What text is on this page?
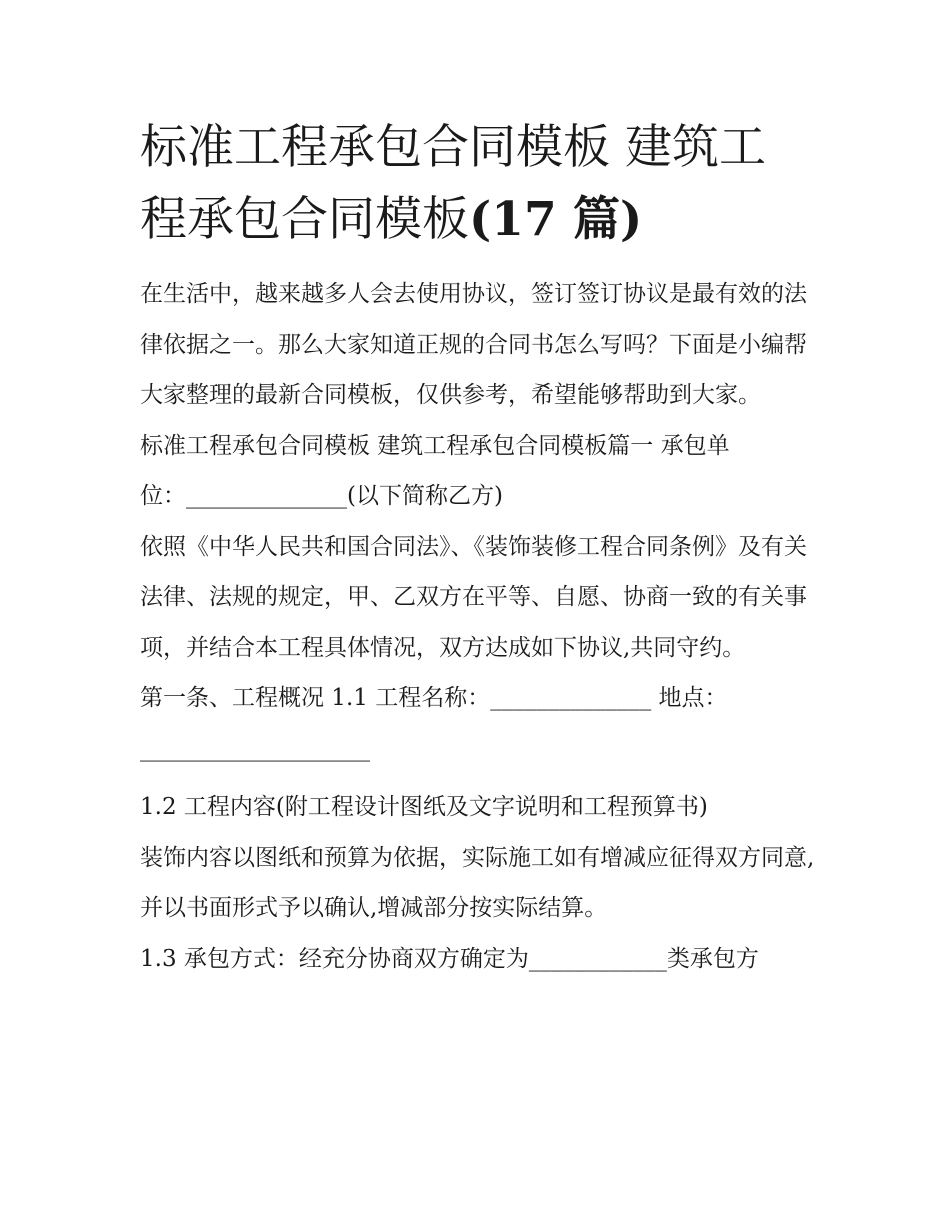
标准工程承包合同模板 建筑工
程承包合同模板(17 篇)

在生活中，越来越多人会去使用协议，签订签订协议是最有效的法律依据之一。那么大家知道正规的合同书怎么写吗？下面是小编帮大家整理的最新合同模板，仅供参考，希望能够帮助到大家。

标准工程承包合同模板 建筑工程承包合同模板篇一 承包单

位：______________(以下简称乙方)

依照《中华人民共和国合同法》、《装饰装修工程合同条例》及有关法律、法规的规定，甲、乙双方在平等、自愿、协商一致的有关事项，并结合本工程具体情况，双方达成如下协议,共同守约。

第一条、工程概况 1.1 工程名称：______________ 地点：

____________________

1.2 工程内容(附工程设计图纸及文字说明和工程预算书)

装饰内容以图纸和预算为依据，实际施工如有增减应征得双方同意,并以书面形式予以确认,增减部分按实际结算。

1.3 承包方式：经充分协商双方确定为____________类承包方
